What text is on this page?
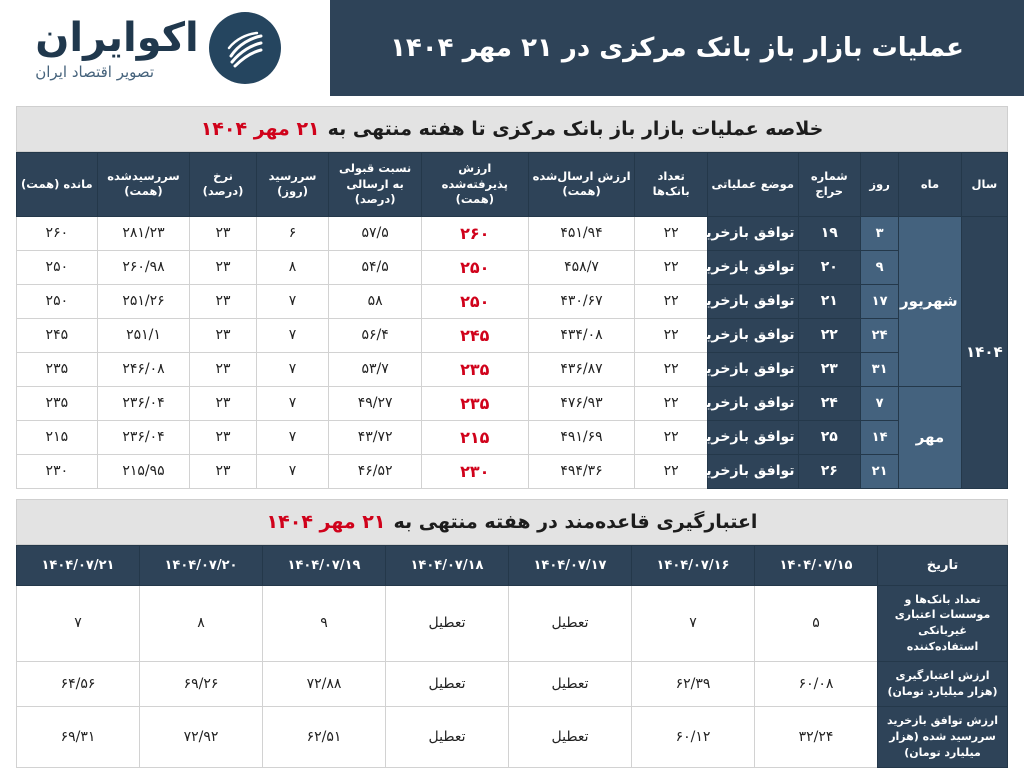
اکوایران
تصویر اقتصاد ایران
عملیات بازار باز بانک مرکزی در ۲۱ مهر ۱۴۰۴
خلاصه عملیات بازار باز بانک مرکزی تا هفته منتهی به
۲۱ مهر ۱۴۰۴
سال	ماه	روز	شماره حراج	موضع عملیاتی	تعداد بانک‌ها	ارزش ارسال‌شده (همت)	ارزش پذیرفته‌شده (همت)	نسبت قبولی به ارسالی (درصد)	سررسید (روز)	نرخ (درصد)	سررسیدشده (همت)	مانده (همت)
۱۴۰۴	شهریور	۳	۱۹	توافق بازخرید	۲۲	۴۵۱/۹۴	۲۶۰	۵۷/۵	۶	۲۳	۲۸۱/۲۳	۲۶۰
		۹	۲۰	توافق بازخرید	۲۲	۴۵۸/۷	۲۵۰	۵۴/۵	۸	۲۳	۲۶۰/۹۸	۲۵۰
		۱۷	۲۱	توافق بازخرید	۲۲	۴۳۰/۶۷	۲۵۰	۵۸	۷	۲۳	۲۵۱/۲۶	۲۵۰
		۲۴	۲۲	توافق بازخرید	۲۲	۴۳۴/۰۸	۲۴۵	۵۶/۴	۷	۲۳	۲۵۱/۱	۲۴۵
		۳۱	۲۳	توافق بازخرید	۲۲	۴۳۶/۸۷	۲۳۵	۵۳/۷	۷	۲۳	۲۴۶/۰۸	۲۳۵
	مهر	۷	۲۴	توافق بازخرید	۲۲	۴۷۶/۹۳	۲۳۵	۴۹/۲۷	۷	۲۳	۲۳۶/۰۴	۲۳۵
		۱۴	۲۵	توافق بازخرید	۲۲	۴۹۱/۶۹	۲۱۵	۴۳/۷۲	۷	۲۳	۲۳۶/۰۴	۲۱۵
		۲۱	۲۶	توافق بازخرید	۲۲	۴۹۴/۳۶	۲۳۰	۴۶/۵۲	۷	۲۳	۲۱۵/۹۵	۲۳۰
اعتبارگیری قاعده‌مند در هفته منتهی به
۲۱ مهر ۱۴۰۴
تاریخ	۱۴۰۴/۰۷/۱۵	۱۴۰۴/۰۷/۱۶	۱۴۰۴/۰۷/۱۷	۱۴۰۴/۰۷/۱۸	۱۴۰۴/۰۷/۱۹	۱۴۰۴/۰۷/۲۰	۱۴۰۴/۰۷/۲۱
تعداد بانک‌ها و موسسات اعتباری غیربانکی استفاده‌کننده	۵	۷	تعطیل	تعطیل	۹	۸	۷
ارزش اعتبارگیری (هزار میلیارد تومان)	۶۰/۰۸	۶۲/۳۹	تعطیل	تعطیل	۷۲/۸۸	۶۹/۲۶	۶۴/۵۶
ارزش توافق بازخرید سررسید شده (هزار میلیارد تومان)	۳۲/۲۴	۶۰/۱۲	تعطیل	تعطیل	۶۲/۵۱	۷۲/۹۲	۶۹/۳۱
